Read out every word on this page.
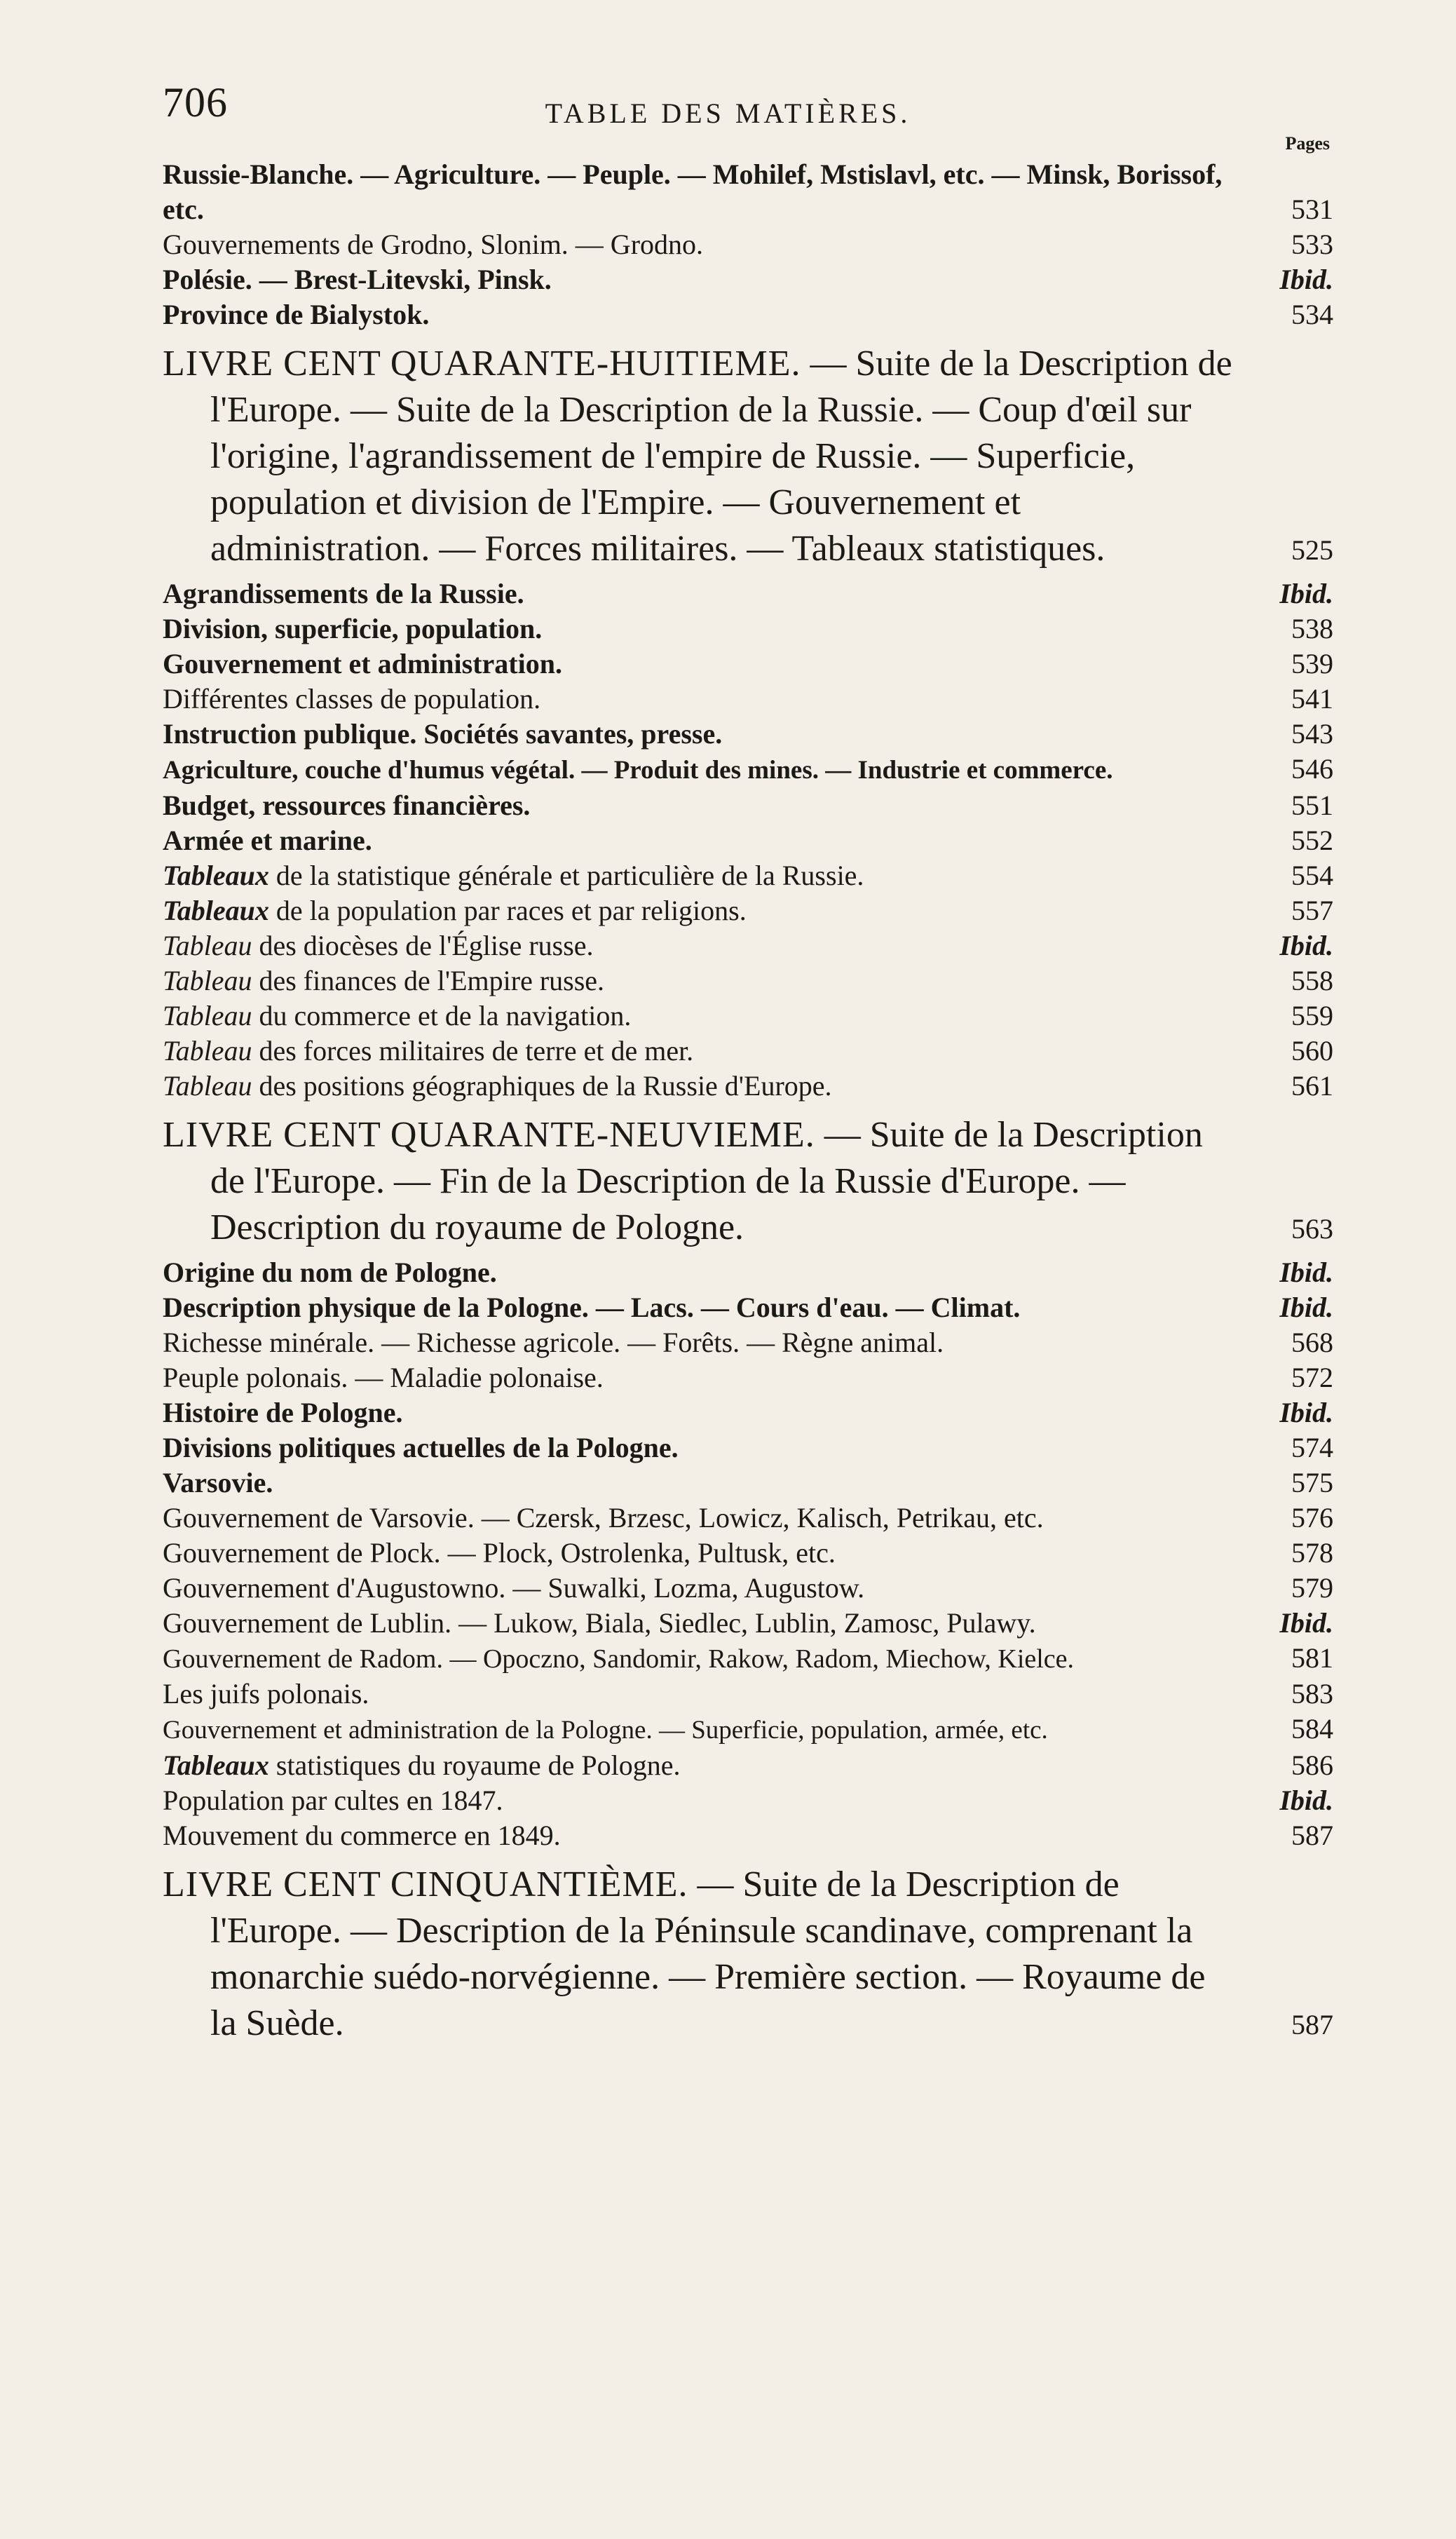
706	TABLE DES MATIÈRES.
Pages
Russie-Blanche. — Agriculture. — Peuple. — Mohilef, Mstislavl, etc. — Minsk, Borissof, etc.	531
Gouvernements de Grodno, Slonim. — Grodno.	533
Polésie. — Brest-Litevski, Pinsk.	Ibid.
Province de Bialystok.	534
LIVRE CENT QUARANTE-HUITIEME. — Suite de la Description de l'Europe. — Suite de la Description de la Russie. — Coup d'œil sur l'origine, l'agrandissement de l'empire de Russie. — Superficie, population et division de l'Empire. — Gouvernement et administration. — Forces militaires. — Tableaux statistiques.	525
Agrandissements de la Russie.	Ibid.
Division, superficie, population.	538
Gouvernement et administration.	539
Différentes classes de population.	541
Instruction publique. Sociétés savantes, presse.	543
Agriculture, couche d'humus végétal. — Produit des mines. — Industrie et commerce.	546
Budget, ressources financières.	551
Armée et marine.	552
Tableaux de la statistique générale et particulière de la Russie.	554
Tableaux de la population par races et par religions.	557
Tableau des diocèses de l'Église russe.	Ibid.
Tableau des finances de l'Empire russe.	558
Tableau du commerce et de la navigation.	559
Tableau des forces militaires de terre et de mer.	560
Tableau des positions géographiques de la Russie d'Europe.	561
LIVRE CENT QUARANTE-NEUVIEME. — Suite de la Description de l'Europe. — Fin de la Description de la Russie d'Europe. — Description du royaume de Pologne.	563
Origine du nom de Pologne.	Ibid.
Description physique de la Pologne. — Lacs. — Cours d'eau. — Climat.	Ibid.
Richesse minérale. — Richesse agricole. — Forêts. — Règne animal.	568
Peuple polonais. — Maladie polonaise.	572
Histoire de Pologne.	Ibid.
Divisions politiques actuelles de la Pologne.	574
Varsovie.	575
Gouvernement de Varsovie. — Czersk, Brzesc, Lowicz, Kalisch, Petrikau, etc.	576
Gouvernement de Plock. — Plock, Ostrolenka, Pultusk, etc.	578
Gouvernement d'Augustowno. — Suwalki, Lozma, Augustow.	579
Gouvernement de Lublin. — Lukow, Biala, Siedlec, Lublin, Zamosc, Pulawy.	Ibid.
Gouvernement de Radom. — Opoczno, Sandomir, Rakow, Radom, Miechow, Kielce.	581
Les juifs polonais.	583
Gouvernement et administration de la Pologne. — Superficie, population, armée, etc.	584
Tableaux statistiques du royaume de Pologne.	586
Population par cultes en 1847.	Ibid.
Mouvement du commerce en 1849.	587
LIVRE CENT CINQUANTIÈME. — Suite de la Description de l'Europe. — Description de la Péninsule scandinave, comprenant la monarchie suédo-norvégienne. — Première section. — Royaume de la Suède.	587
